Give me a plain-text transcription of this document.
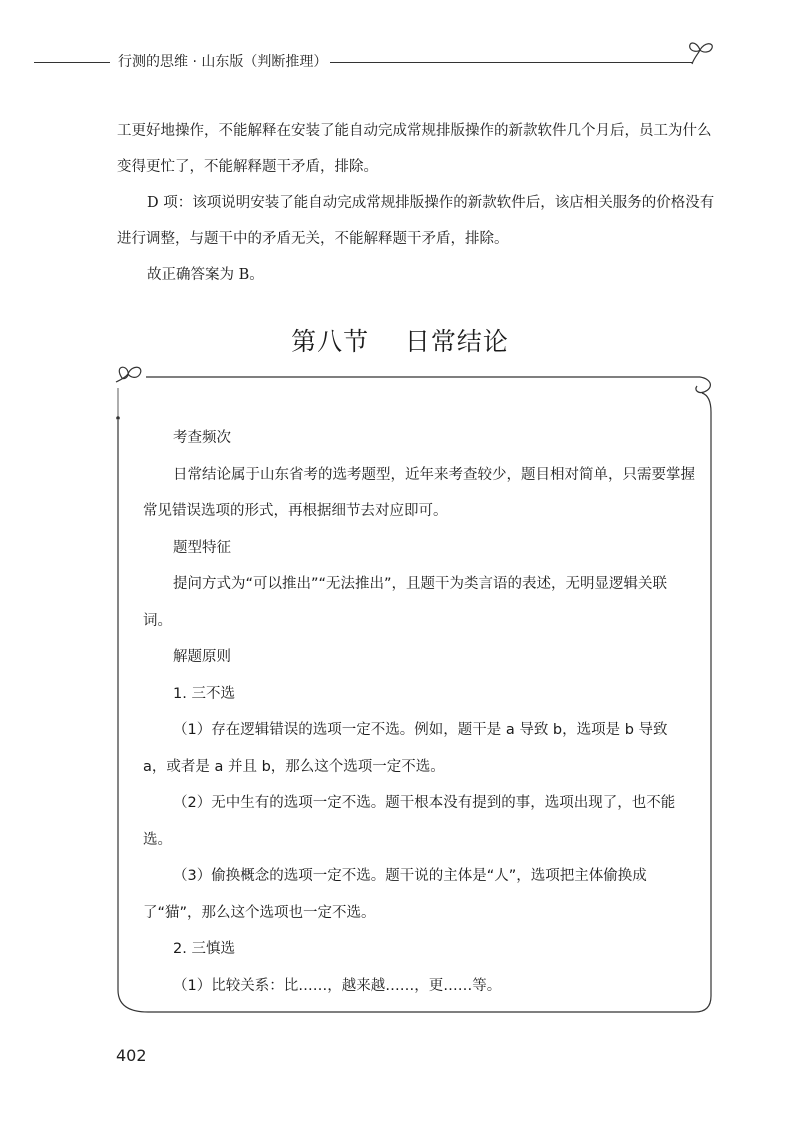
行测的思维 · 山东版（判断推理）

工更好地操作，不能解释在安装了能自动完成常规排版操作的新款软件几个月后，员工为什么变得更忙了，不能解释题干矛盾，排除。

D 项：该项说明安装了能自动完成常规排版操作的新款软件后，该店相关服务的价格没有进行调整，与题干中的矛盾无关，不能解释题干矛盾，排除。

故正确答案为 B。

第八节 日常结论

考查频次

日常结论属于山东省考的选考题型，近年来考查较少，题目相对简单，只需要掌握常见错误选项的形式，再根据细节去对应即可。

题型特征

提问方式为“可以推出”“无法推出”，且题干为类言语的表述，无明显逻辑关联词。

解题原则

1. 三不选

（1）存在逻辑错误的选项一定不选。例如，题干是 a 导致 b，选项是 b 导致 a，或者是 a 并且 b，那么这个选项一定不选。

（2）无中生有的选项一定不选。题干根本没有提到的事，选项出现了，也不能选。

（3）偷换概念的选项一定不选。题干说的主体是“人”，选项把主体偷换成了“猫”，那么这个选项也一定不选。

2. 三慎选

（1）比较关系：比……，越来越……，更……等。

402
